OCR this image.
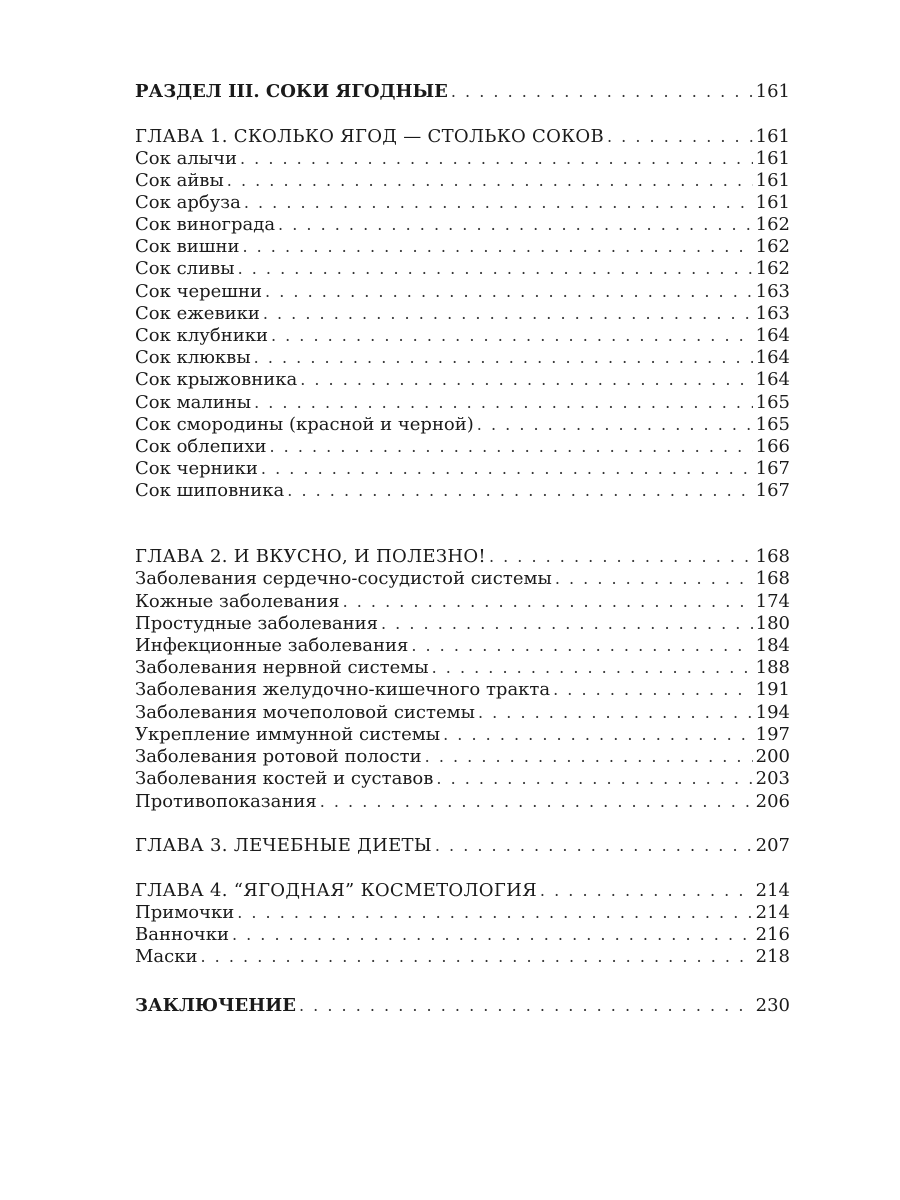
РАЗДЕЛ III. СОКИ ЯГОДНЫЕ . . .	161
ГЛАВА 1. СКОЛЬКО ЯГОД — СТОЛЬКО СОКОВ . . .	161
Сок алычи . . .	161
Сок айвы . . .	161
Сок арбуза . . .	161
Сок винограда . . .	162
Сок вишни . . .	162
Сок сливы . . .	162
Сок черешни . . .	163
Сок ежевики . . .	163
Сок клубники . . .	164
Сок клюквы . . .	164
Сок крыжовника . . .	164
Сок малины . . .	165
Сок смородины (красной и черной) . . .	165
Сок облепихи . . .	166
Сок черники . . .	167
Сок шиповника . . .	167
ГЛАВА 2. И ВКУСНО, И ПОЛЕЗНО! . . .	168
Заболевания сердечно-сосудистой системы . . .	168
Кожные заболевания . . .	174
Простудные заболевания . . .	180
Инфекционные заболевания . . .	184
Заболевания нервной системы . . .	188
Заболевания желудочно-кишечного тракта . . .	191
Заболевания мочеполовой системы . . .	194
Укрепление иммунной системы . . .	197
Заболевания ротовой полости . . .	200
Заболевания костей и суставов . . .	203
Противопоказания . . .	206
ГЛАВА 3. ЛЕЧЕБНЫЕ ДИЕТЫ . . .	207
ГЛАВА 4. “ЯГОДНАЯ” КОСМЕТОЛОГИЯ . . .	214
Примочки . . .	214
Ванночки . . .	216
Маски . . .	218
ЗАКЛЮЧЕНИЕ . . .	230
